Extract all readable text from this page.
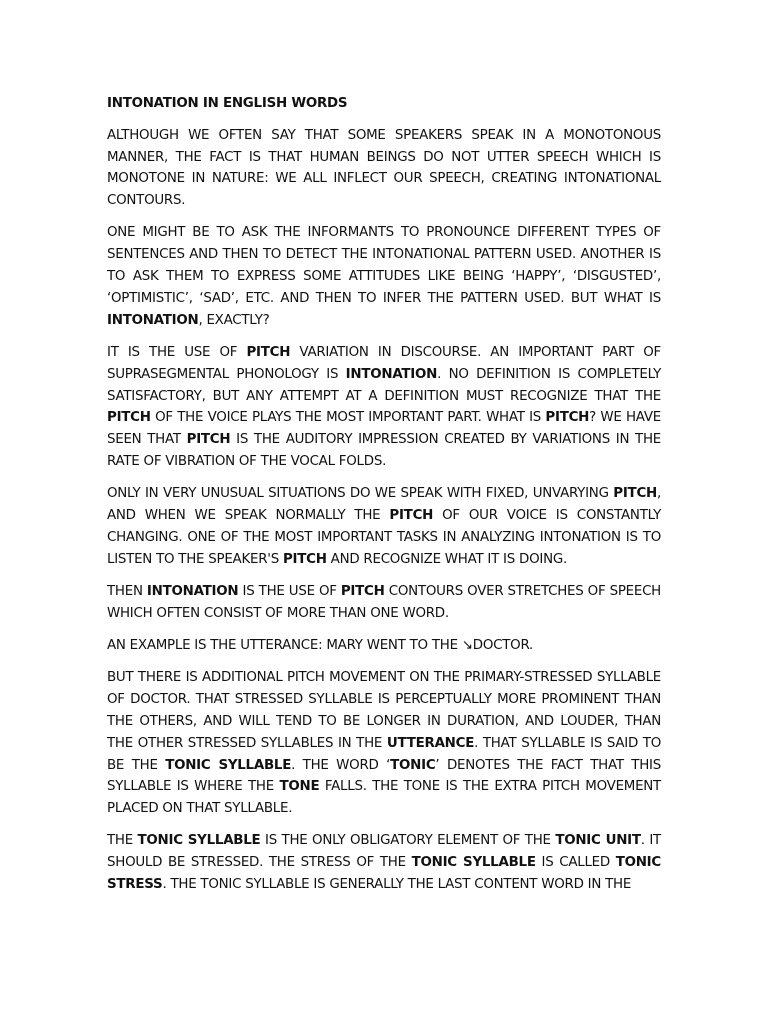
INTONATION IN ENGLISH WORDS

ALTHOUGH WE OFTEN SAY THAT SOME SPEAKERS SPEAK IN A MONOTONOUS MANNER, THE FACT IS THAT HUMAN BEINGS DO NOT UTTER SPEECH WHICH IS MONOTONE IN NATURE: WE ALL INFLECT OUR SPEECH, CREATING INTONATIONAL CONTOURS.

ONE MIGHT BE TO ASK THE INFORMANTS TO PRONOUNCE DIFFERENT TYPES OF SENTENCES AND THEN TO DETECT THE INTONATIONAL PATTERN USED. ANOTHER IS TO ASK THEM TO EXPRESS SOME ATTITUDES LIKE BEING ‘HAPPY’, ‘DISGUSTED’, ‘OPTIMISTIC’, ‘SAD’, ETC. AND THEN TO INFER THE PATTERN USED. BUT WHAT IS INTONATION, EXACTLY?

IT IS THE USE OF PITCH VARIATION IN DISCOURSE. AN IMPORTANT PART OF SUPRASEGMENTAL PHONOLOGY IS INTONATION. NO DEFINITION IS COMPLETELY SATISFACTORY, BUT ANY ATTEMPT AT A DEFINITION MUST RECOGNIZE THAT THE PITCH OF THE VOICE PLAYS THE MOST IMPORTANT PART. WHAT IS PITCH? WE HAVE SEEN THAT PITCH IS THE AUDITORY IMPRESSION CREATED BY VARIATIONS IN THE RATE OF VIBRATION OF THE VOCAL FOLDS.

ONLY IN VERY UNUSUAL SITUATIONS DO WE SPEAK WITH FIXED, UNVARYING PITCH, AND WHEN WE SPEAK NORMALLY THE PITCH OF OUR VOICE IS CONSTANTLY CHANGING. ONE OF THE MOST IMPORTANT TASKS IN ANALYZING INTONATION IS TO LISTEN TO THE SPEAKER'S PITCH AND RECOGNIZE WHAT IT IS DOING.

THEN INTONATION IS THE USE OF PITCH CONTOURS OVER STRETCHES OF SPEECH WHICH OFTEN CONSIST OF MORE THAN ONE WORD.

AN EXAMPLE IS THE UTTERANCE: MARY WENT TO THE ↘DOCTOR.

BUT THERE IS ADDITIONAL PITCH MOVEMENT ON THE PRIMARY-STRESSED SYLLABLE OF DOCTOR. THAT STRESSED SYLLABLE IS PERCEPTUALLY MORE PROMINENT THAN THE OTHERS, AND WILL TEND TO BE LONGER IN DURATION, AND LOUDER, THAN THE OTHER STRESSED SYLLABLES IN THE UTTERANCE. THAT SYLLABLE IS SAID TO BE THE TONIC SYLLABLE. THE WORD ‘TONIC’ DENOTES THE FACT THAT THIS SYLLABLE IS WHERE THE TONE FALLS. THE TONE IS THE EXTRA PITCH MOVEMENT PLACED ON THAT SYLLABLE.

THE TONIC SYLLABLE IS THE ONLY OBLIGATORY ELEMENT OF THE TONIC UNIT. IT SHOULD BE STRESSED. THE STRESS OF THE TONIC SYLLABLE IS CALLED TONIC STRESS. THE TONIC SYLLABLE IS GENERALLY THE LAST CONTENT WORD IN THE
